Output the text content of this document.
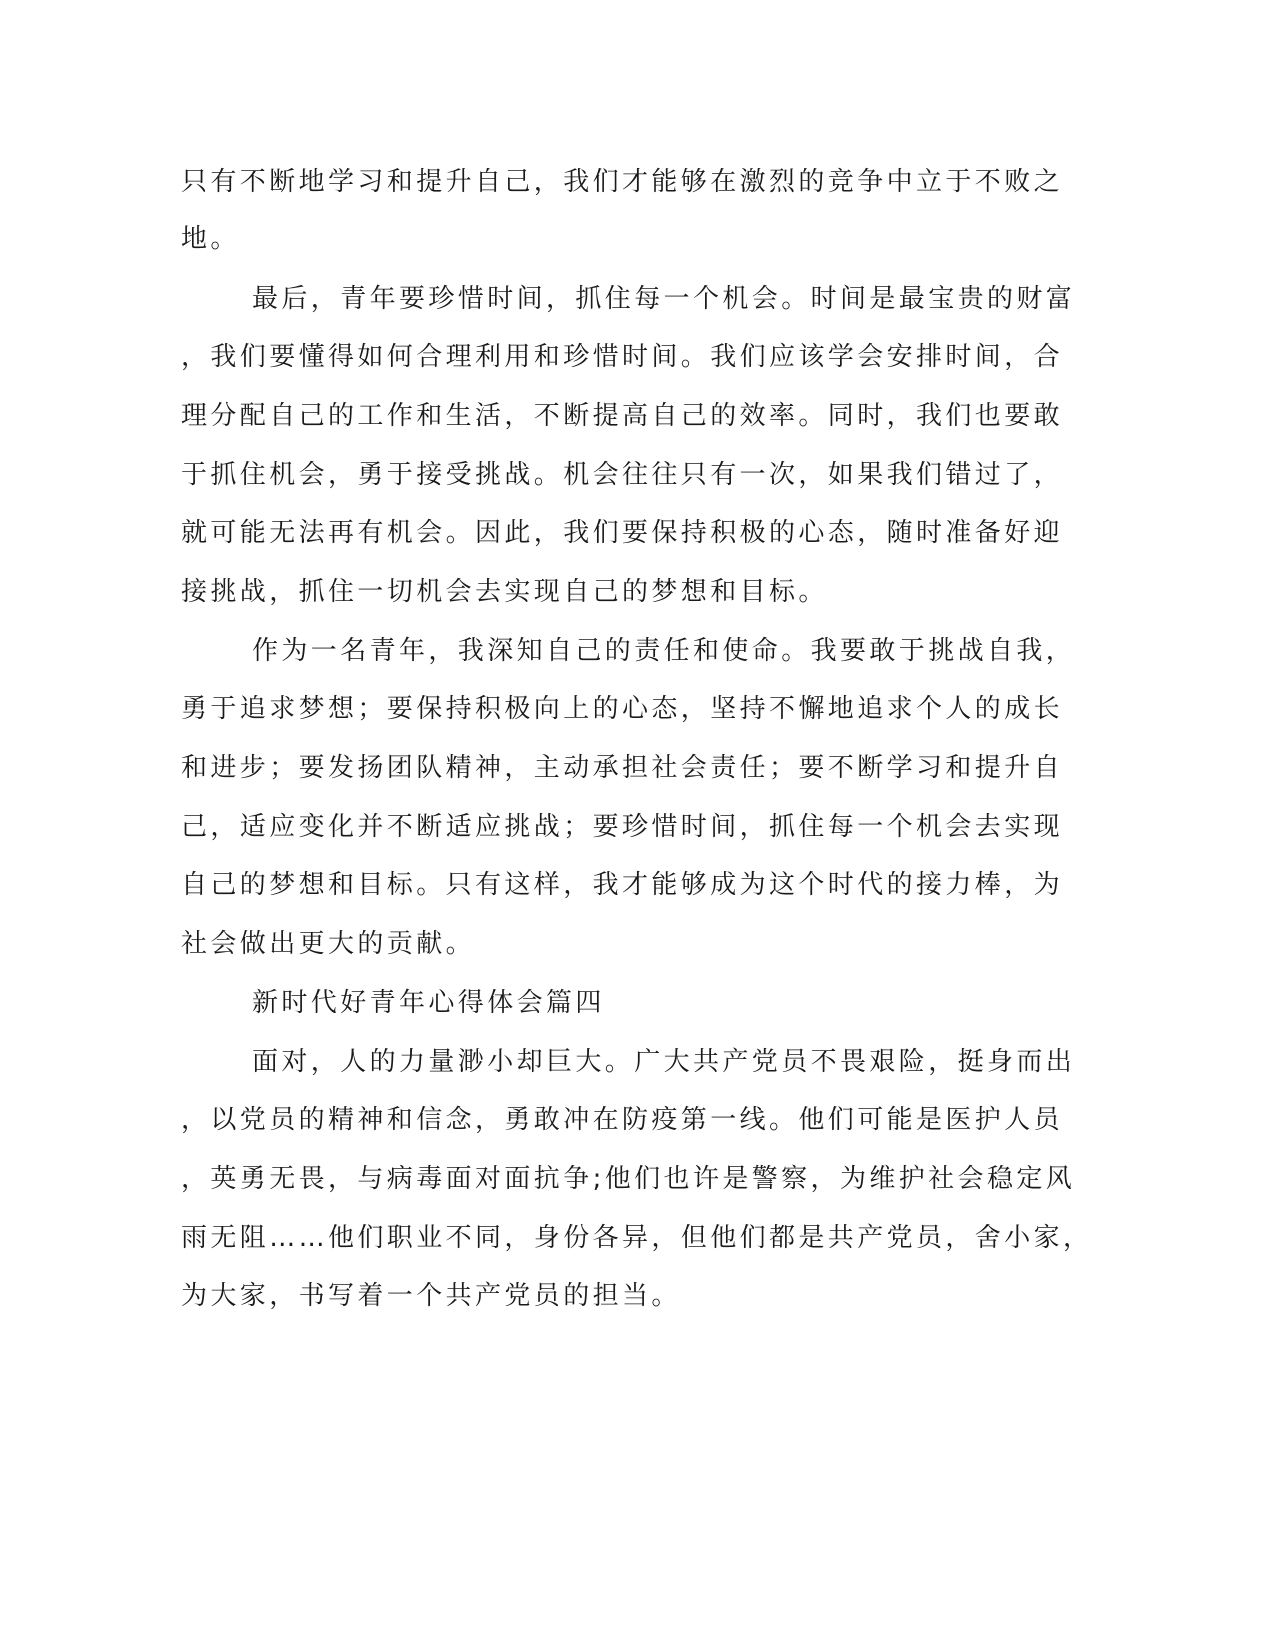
只有不断地学习和提升自己，我们才能够在激烈的竞争中立于不败之

地。

最后，青年要珍惜时间，抓住每一个机会。时间是最宝贵的财富

，我们要懂得如何合理利用和珍惜时间。我们应该学会安排时间，合

理分配自己的工作和生活，不断提高自己的效率。同时，我们也要敢

于抓住机会，勇于接受挑战。机会往往只有一次，如果我们错过了，

就可能无法再有机会。因此，我们要保持积极的心态，随时准备好迎

接挑战，抓住一切机会去实现自己的梦想和目标。

作为一名青年，我深知自己的责任和使命。我要敢于挑战自我，

勇于追求梦想；要保持积极向上的心态，坚持不懈地追求个人的成长

和进步；要发扬团队精神，主动承担社会责任；要不断学习和提升自

己，适应变化并不断适应挑战；要珍惜时间，抓住每一个机会去实现

自己的梦想和目标。只有这样，我才能够成为这个时代的接力棒，为

社会做出更大的贡献。

新时代好青年心得体会篇四

面对，人的力量渺小却巨大。广大共产党员不畏艰险，挺身而出

，以党员的精神和信念，勇敢冲在防疫第一线。他们可能是医护人员

，英勇无畏，与病毒面对面抗争;他们也许是警察，为维护社会稳定风

雨无阻……他们职业不同，身份各异，但他们都是共产党员，舍小家，

为大家，书写着一个共产党员的担当。
